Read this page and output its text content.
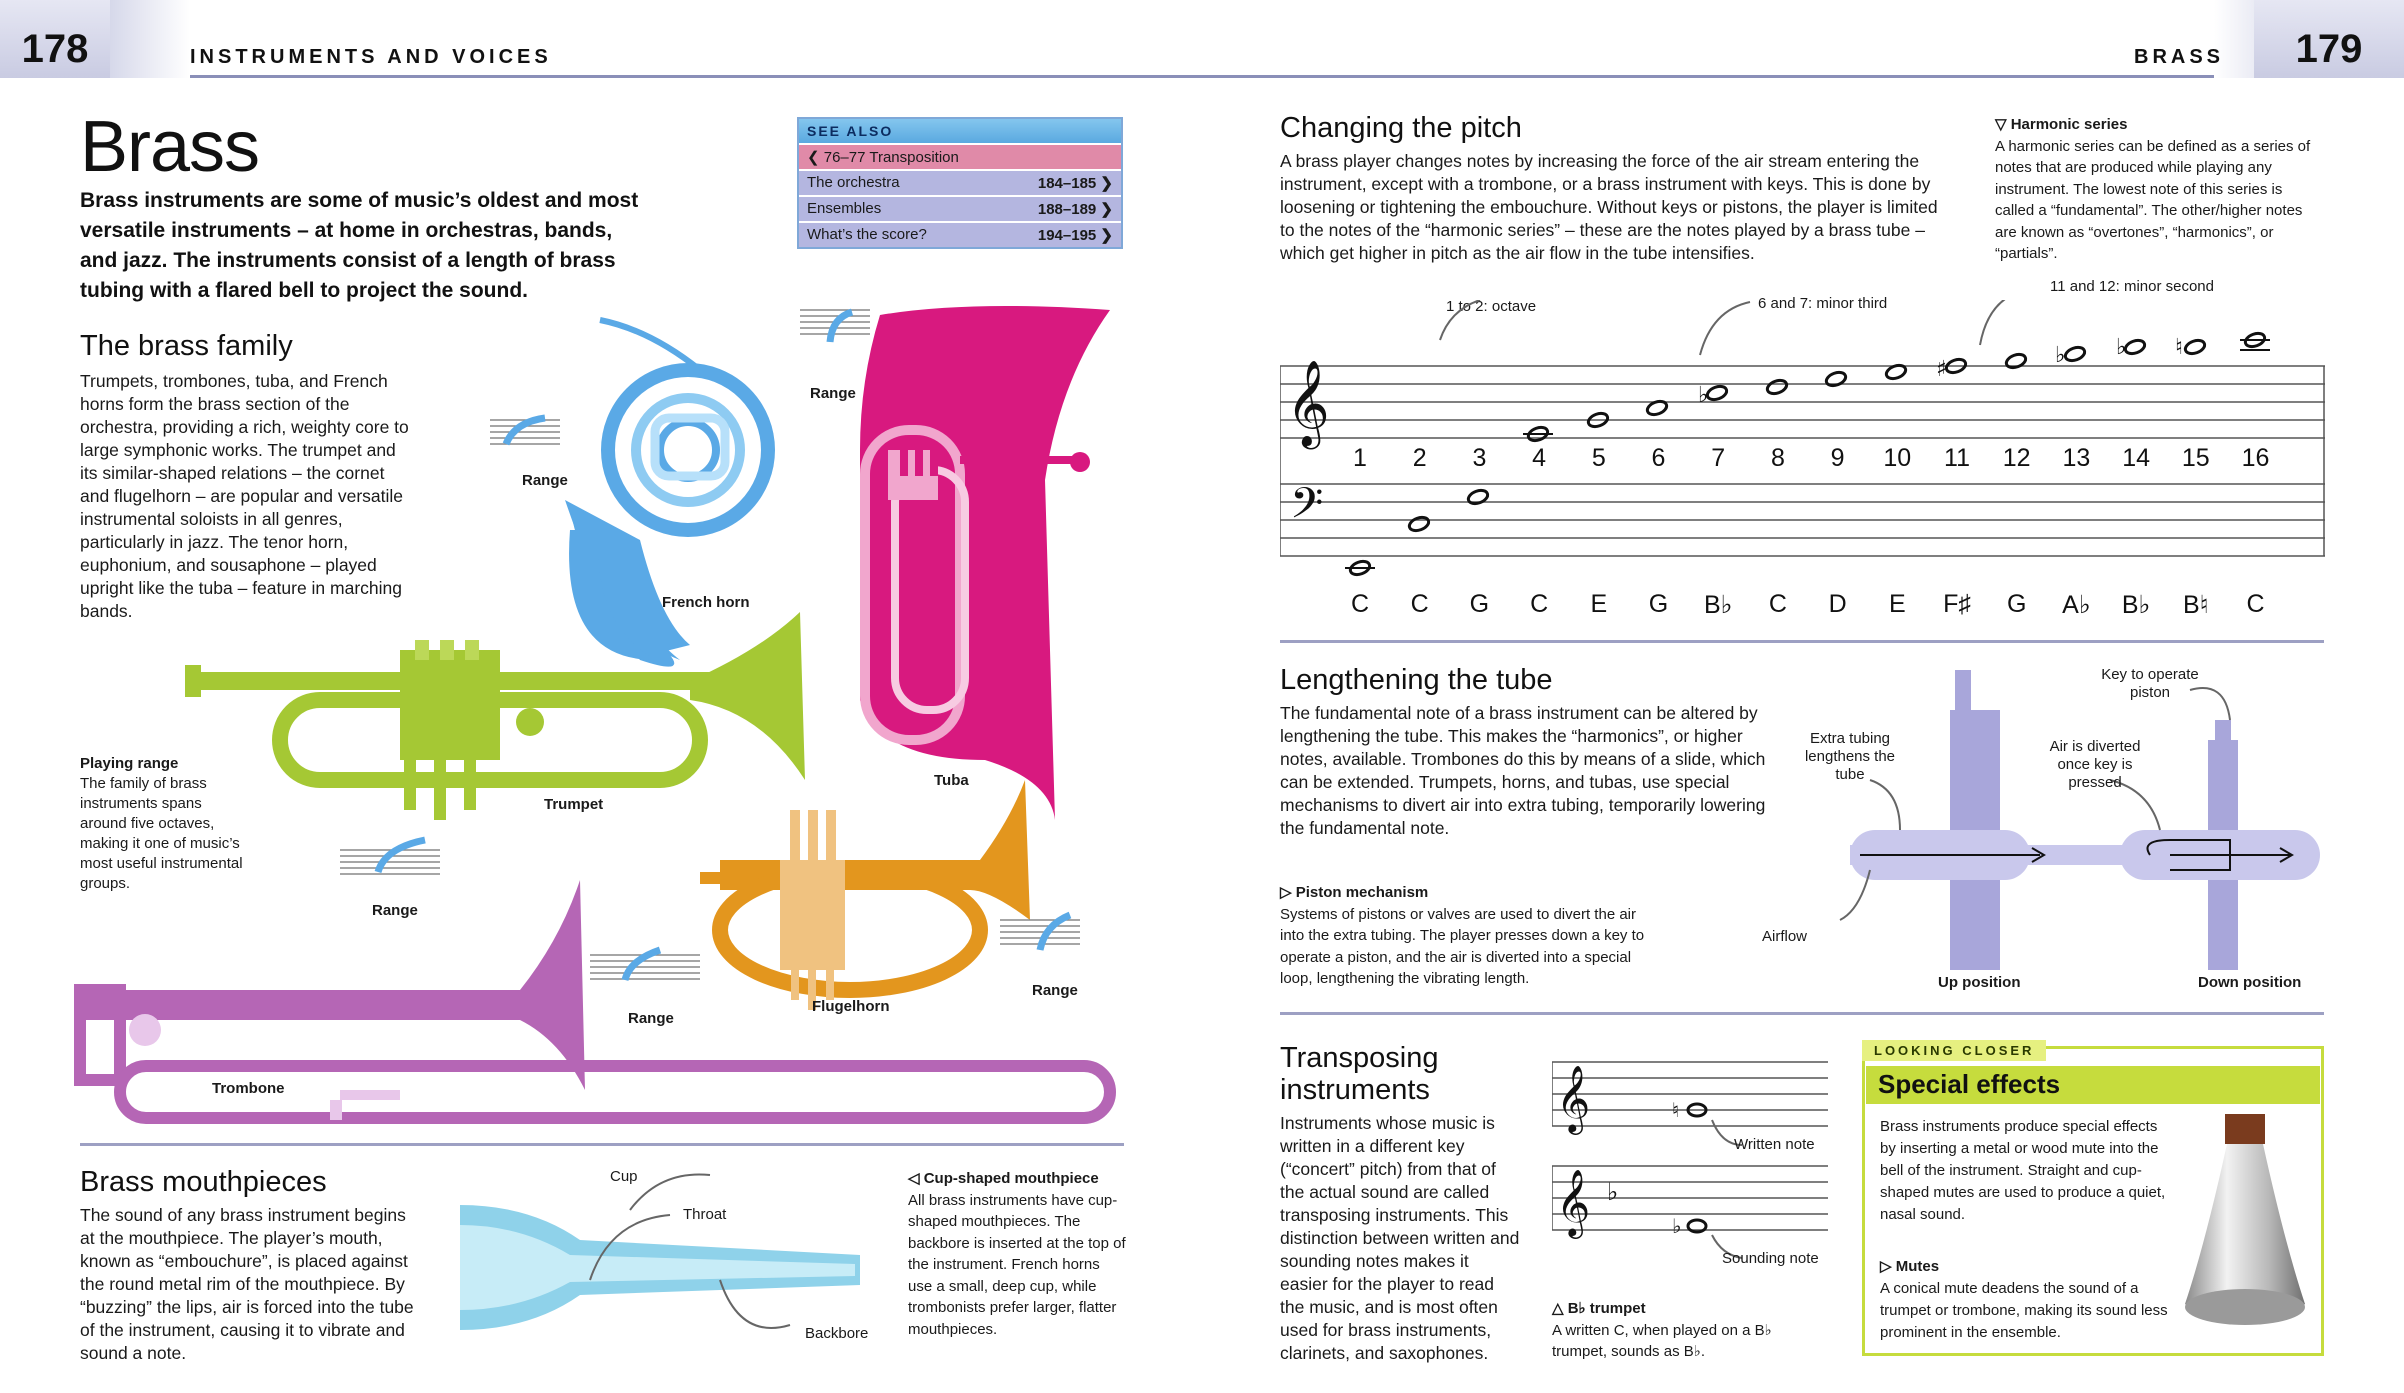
178	INSTRUMENTS AND VOICES	BRASS	179
Brass
Brass instruments are some of music’s oldest and most versatile instruments – at home in orchestras, bands, and jazz. The instruments consist of a length of brass tubing with a flared bell to project the sound.
SEE ALSO
❮ 76–77 Transposition
The orchestra	184–185 ❯
Ensembles	188–189 ❯
What’s the score?	194–195 ❯
The brass family
Trumpets, trombones, tuba, and French horns form the brass section of the orchestra, providing a rich, weighty core to large symphonic works. The trumpet and its similar-shaped relations – the cornet and flugelhorn – are popular and versatile instrumental soloists in all genres, particularly in jazz. The tenor horn, euphonium, and sousaphone – played upright like the tuba – feature in marching bands.
Playing range
The family of brass instruments spans around five octaves, making it one of music’s most useful instrumental groups.
Range
Range
Range
Range
Range
French horn
Tuba
Trumpet
Flugelhorn
Trombone
Brass mouthpieces
The sound of any brass instrument begins at the mouthpiece. The player’s mouth, known as “embouchure”, is placed against the round metal rim of the mouthpiece. By “buzzing” the lips, air is forced into the tube of the instrument, causing it to vibrate and sound a note.
Cup
Throat
Backbore
◁ Cup-shaped mouthpiece
All brass instruments have cup-shaped mouthpieces. The backbore is inserted at the top of the instrument. French horns use a small, deep cup, while trombonists prefer larger, flatter mouthpieces.
Changing the pitch
A brass player changes notes by increasing the force of the air stream entering the instrument, except with a trombone, or a brass instrument with keys. This is done by loosening or tightening the embouchure. Without keys or pistons, the player is limited to the notes of the “harmonic series” – these are the notes played by a brass tube – which get higher in pitch as the air flow in the tube intensifies.
▽ Harmonic series
A harmonic series can be defined as a series of notes that are produced while playing any instrument. The lowest note of this series is called a “fundamental”. The other/higher notes are known as “overtones”, “harmonics”, or “partials”.
1 to 2: octave	6 and 7: minor third
11 and 12: minor second
𝄞
𝄢
♭
♯
♭ ♭ ♮
1	2	3	4	5	6	7	8	9	10 11 12 13 14 15 16
C	C	G	C	E	G	B♭	C	D	E	F♯	G	A♭ B♭ B♮	C
Lengthening the tube
The fundamental note of a brass instrument can be altered by lengthening the tube. This makes the “harmonics”, or higher notes, available. Trombones do this by means of a slide, which can be extended. Trumpets, horns, and tubas, use special mechanisms to divert air into extra tubing, temporarily lowering the fundamental note.
▷ Piston mechanism
Systems of pistons or valves are used to divert the air into the extra tubing. The player presses down a key to operate a piston, and the air is diverted into a special loop, lengthening the vibrating length.
Extra tubing lengthens the tube
Airflow
Up position
Key to operate piston
Air is diverted once key is pressed
Down position
Transposing instruments
Instruments whose music is written in a different key (“concert” pitch) from that of the actual sound are called transposing instruments. This distinction between written and sounding notes makes it easier for the player to read the music, and is most often used for brass instruments, clarinets, and saxophones.
𝄞
𝄞 ♭
♮
♭
Written note
Sounding note
△ B♭ trumpet
A written C, when played on a B♭ trumpet, sounds as B♭.
LOOKING CLOSER
Special effects
Brass instruments produce special effects by inserting a metal or wood mute into the bell of the instrument. Straight and cup-shaped mutes are used to produce a quiet, nasal sound.
▷ Mutes
A conical mute deadens the sound of a trumpet or trombone, making its sound less prominent in the ensemble.
